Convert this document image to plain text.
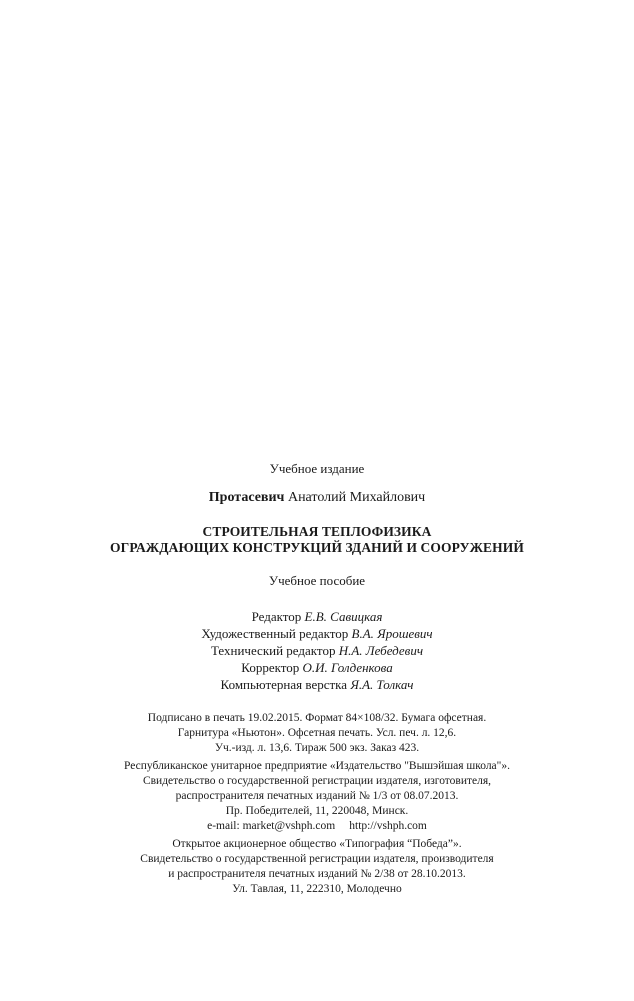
Учебное издание
Протасевич Анатолий Михайлович
СТРОИТЕЛЬНАЯ ТЕПЛОФИЗИКА
ОГРАЖДАЮЩИХ КОНСТРУКЦИЙ ЗДАНИЙ И СООРУЖЕНИЙ
Учебное пособие
Редактор Е.В. Савицкая
Художественный редактор В.А. Ярошевич
Технический редактор Н.А. Лебедевич
Корректор О.И. Голденкова
Компьютерная верстка Я.А. Толкач
Подписано в печать 19.02.2015. Формат 84×108/32. Бумага офсетная.
Гарнитура «Ньютон». Офсетная печать. Усл. печ. л. 12,6.
Уч.-изд. л. 13,6. Тираж 500 экз. Заказ 423.
Республиканское унитарное предприятие «Издательство "Вышэйшая школа"».
Свидетельство о государственной регистрации издателя, изготовителя,
распространителя печатных изданий № 1/3 от 08.07.2013.
Пр. Победителей, 11, 220048, Минск.
e-mail: market@vshph.com http://vshph.com
Открытое акционерное общество «Типография “Победа”».
Свидетельство о государственной регистрации издателя, производителя
и распространителя печатных изданий № 2/38 от 28.10.2013.
Ул. Тавлая, 11, 222310, Молодечно
